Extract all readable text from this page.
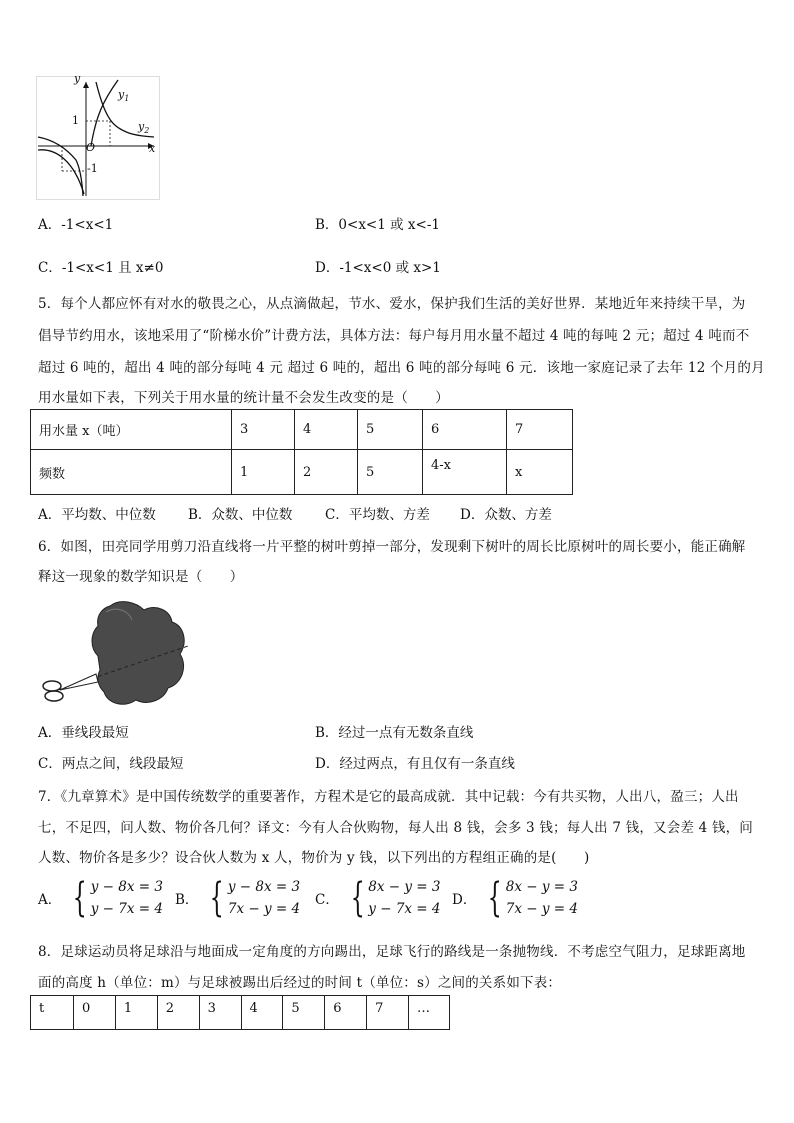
y
x
O
1
-1
$y_1$
$y_2$
A．-1<x<1	B．0<x<1 或 x<-1
C．-1<x<1 且 x≠0	D．-1<x<0 或 x>1
5．每个人都应怀有对水的敬畏之心，从点滴做起，节水、爱水，保护我们生活的美好世界．某地近年来持续干旱，为
倡导节约用水，该地采用了“阶梯水价”计费方法，具体方法：每户每月用水量不超过 4 吨的每吨 2 元；超过 4 吨而不
超过 6 吨的，超出 4 吨的部分每吨 4 元 超过 6 吨的，超出 6 吨的部分每吨 6 元．该地一家庭记录了去年 12 个月的月
用水量如下表，下列关于用水量的统计量不会发生改变的是（　　）
用水量 x（吨）	3	4	5	6	7
频数	1	2	5	4-x	x
A．平均数、中位数 B．众数、中位数 C．平均数、方差 D．众数、方差
6．如图，田亮同学用剪刀沿直线将一片平整的树叶剪掉一部分，发现剩下树叶的周长比原树叶的周长要小，能正确解
释这一现象的数学知识是（　　）
A．垂线段最短	B．经过一点有无数条直线
C．两点之间，线段最短	D．经过两点，有且仅有一条直线
7．《九章算术》是中国传统数学的重要著作，方程术是它的最高成就．其中记载：今有共买物，人出八，盈三；人出
七，不足四，问人数、物价各几何？译文：今有人合伙购物，每人出 8 钱，会多 3 钱；每人出 7 钱，又会差 4 钱，问
人数、物价各是多少？设合伙人数为 x 人，物价为 y 钱，以下列出的方程组正确的是(　　)
A． { y − 8x = 3
y − 7x = 4
B． { y − 8x = 3
7x − y = 4
C． { 8x − y = 3
y − 7x = 4
D． { 8x − y = 3
7x − y = 4
8．足球运动员将足球沿与地面成一定角度的方向踢出，足球飞行的路线是一条抛物线．不考虑空气阻力，足球距离地
面的高度 h（单位：m）与足球被踢出后经过的时间 t（单位：s）之间的关系如下表：
t	0	1	2	3	4	5	6	7	…
